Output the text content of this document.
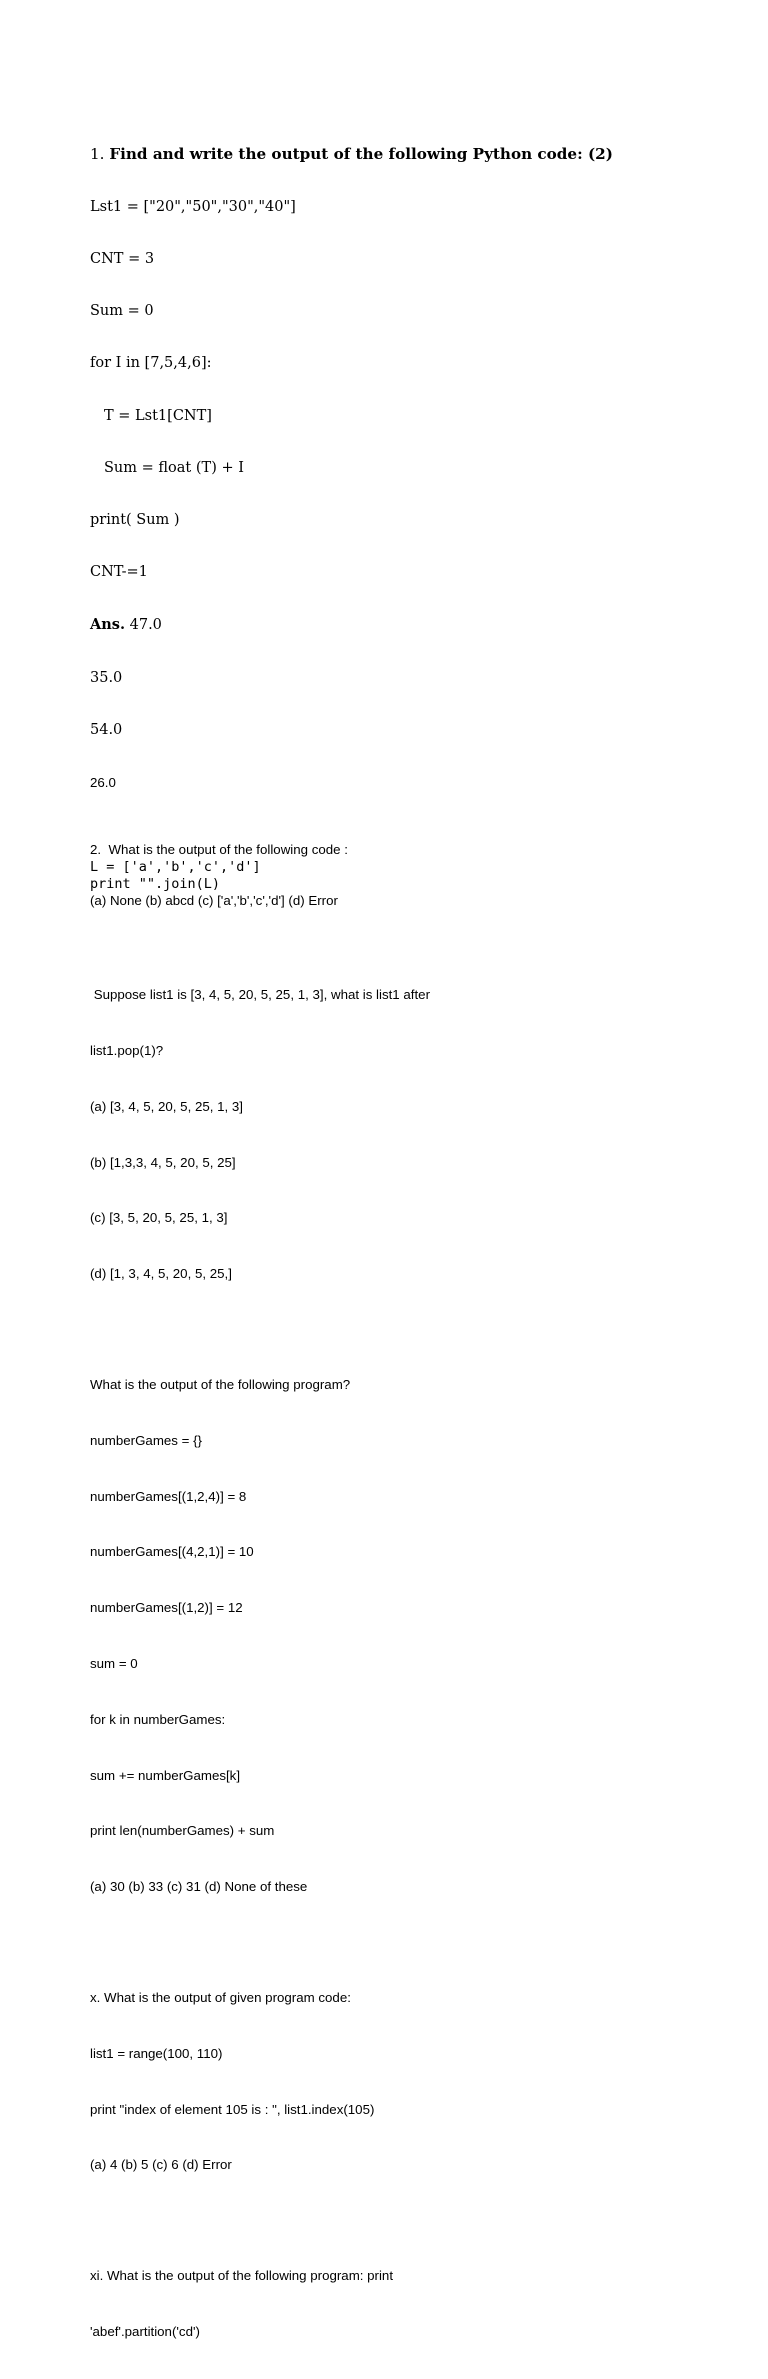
1. Find and write the output of the following Python code: (2)

Lst1 = ["20","50","30","40"]

CNT = 3

Sum = 0

for I in [7,5,4,6]:

T = Lst1[CNT]

Sum = float (T) + I

print( Sum )

CNT-=1

Ans. 47.0

35.0

54.0

26.0

2.  What is the output of the following code :
L = ['a','b','c','d']
print "".join(L)
(a) None (b) abcd (c) ['a','b','c','d'] (d) Error

Suppose list1 is [3, 4, 5, 20, 5, 25, 1, 3], what is list1 after

list1.pop(1)?

(a) [3, 4, 5, 20, 5, 25, 1, 3]

(b) [1,3,3, 4, 5, 20, 5, 25]

(c) [3, 5, 20, 5, 25, 1, 3]

(d) [1, 3, 4, 5, 20, 5, 25,]

What is the output of the following program?

numberGames = {}

numberGames[(1,2,4)] = 8

numberGames[(4,2,1)] = 10

numberGames[(1,2)] = 12

sum = 0

for k in numberGames:

sum += numberGames[k]

print len(numberGames) + sum

(a) 30 (b) 33 (c) 31 (d) None of these

x. What is the output of given program code:

list1 = range(100, 110)

print "index of element 105 is : ", list1.index(105)

(a) 4 (b) 5 (c) 6 (d) Error

xi. What is the output of the following program: print

'abef'.partition('cd')
